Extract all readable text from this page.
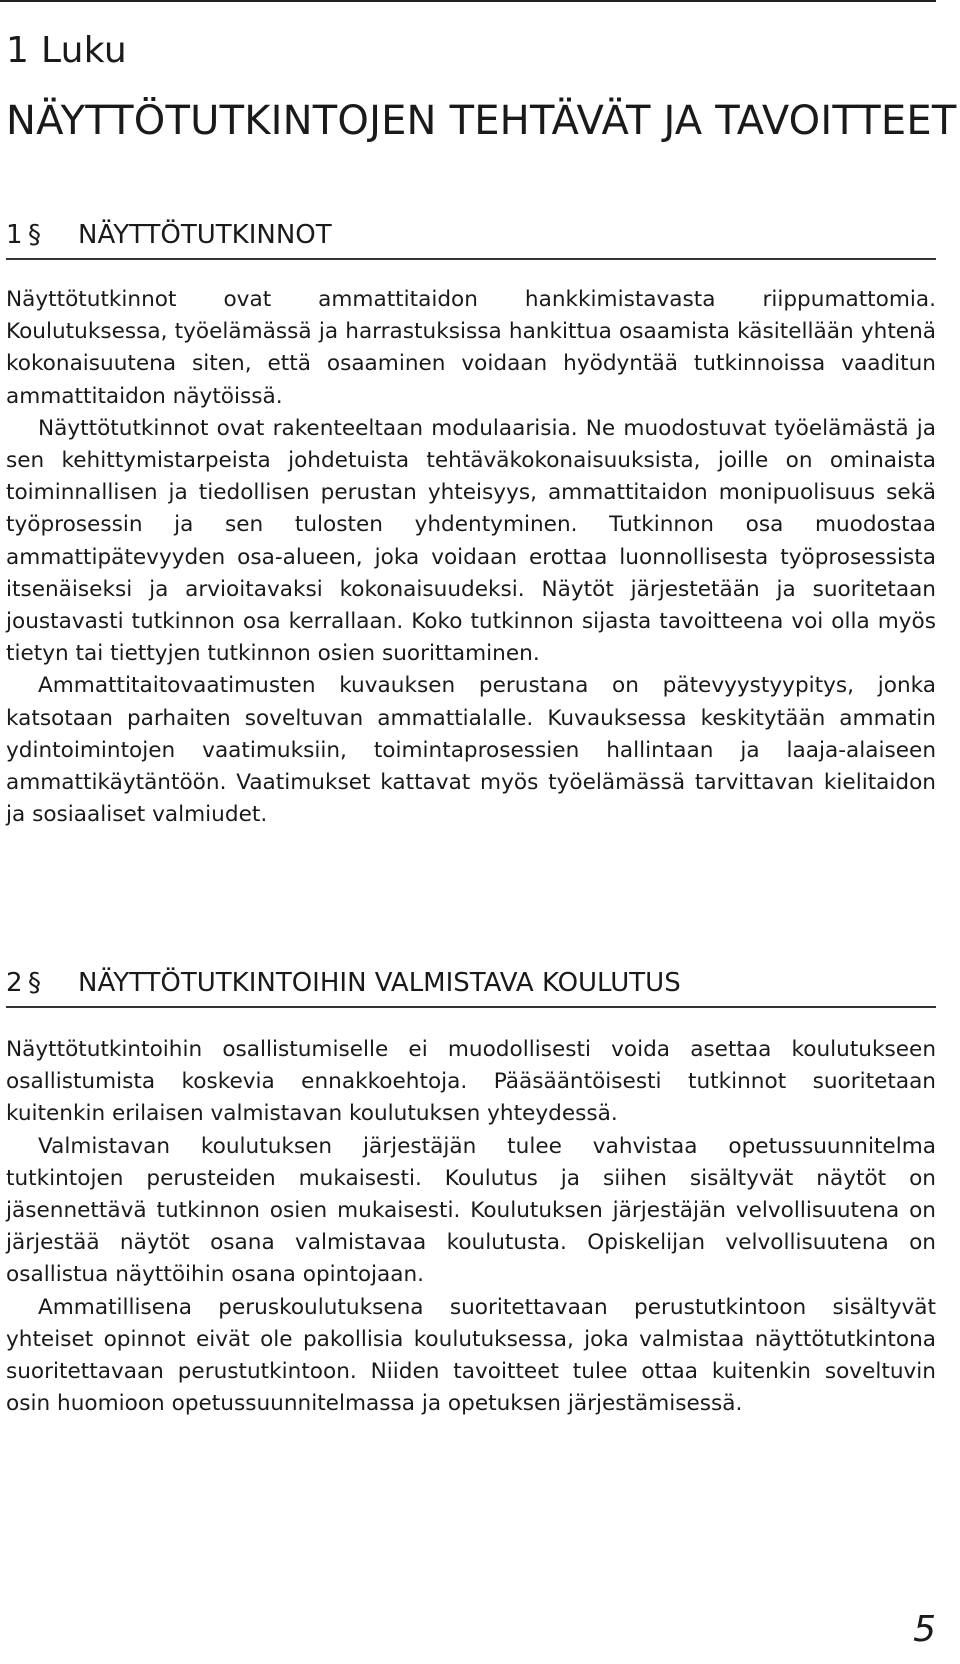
1 Luku
NÄYTTÖTUTKINTOJEN TEHTÄVÄT JA TAVOITTEET
1 §	NÄYTTÖTUTKINNOT

Näyttötutkinnot ovat ammattitaidon hankkimistavasta riippumattomia. Koulutuksessa, työelämässä ja harrastuksissa hankittua osaamista käsitellään yhtenä kokonaisuutena siten, että osaaminen voidaan hyödyntää tutkinnoissa vaaditun ammattitaidon näytöissä.

Näyttötutkinnot ovat rakenteeltaan modulaarisia. Ne muodostuvat työelämästä ja sen kehittymistarpeista johdetuista tehtäväkokonaisuuksista, joille on ominaista toiminnallisen ja tiedollisen perustan yhteisyys, ammattitaidon monipuolisuus sekä työprosessin ja sen tulosten yhdentyminen. Tutkinnon osa muodostaa ammattipätevyyden osa-alueen, joka voidaan erottaa luonnollisesta työprosessista itsenäiseksi ja arvioitavaksi kokonaisuudeksi. Näytöt järjestetään ja suoritetaan joustavasti tutkinnon osa kerrallaan. Koko tutkinnon sijasta tavoitteena voi olla myös tietyn tai tiettyjen tutkinnon osien suorittaminen.

Ammattitaitovaatimusten kuvauksen perustana on pätevyystyypitys, jonka katsotaan parhaiten soveltuvan ammattialalle. Kuvauksessa keskitytään ammatin ydintoimintojen vaatimuksiin, toimintaprosessien hallintaan ja laaja-alaiseen ammattikäytäntöön. Vaatimukset kattavat myös työelämässä tarvittavan kielitaidon ja sosiaaliset valmiudet.

2 §	NÄYTTÖTUTKINTOIHIN VALMISTAVA KOULUTUS

Näyttötutkintoihin osallistumiselle ei muodollisesti voida asettaa koulutukseen osallistumista koskevia ennakkoehtoja. Pääsääntöisesti tutkinnot suoritetaan kuitenkin erilaisen valmistavan koulutuksen yhteydessä.

Valmistavan koulutuksen järjestäjän tulee vahvistaa opetussuunnitelma tutkintojen perusteiden mukaisesti. Koulutus ja siihen sisältyvät näytöt on jäsennettävä tutkinnon osien mukaisesti. Koulutuksen järjestäjän velvollisuutena on järjestää näytöt osana valmistavaa koulutusta. Opiskelijan velvollisuutena on osallistua näyttöihin osana opintojaan.

Ammatillisena peruskoulutuksena suoritettavaan perustutkintoon sisältyvät yhteiset opinnot eivät ole pakollisia koulutuksessa, joka valmistaa näyttötutkintona suoritettavaan perustutkintoon. Niiden tavoitteet tulee ottaa kuitenkin soveltuvin osin huomioon opetussuunnitelmassa ja opetuksen järjestämisessä.

5
